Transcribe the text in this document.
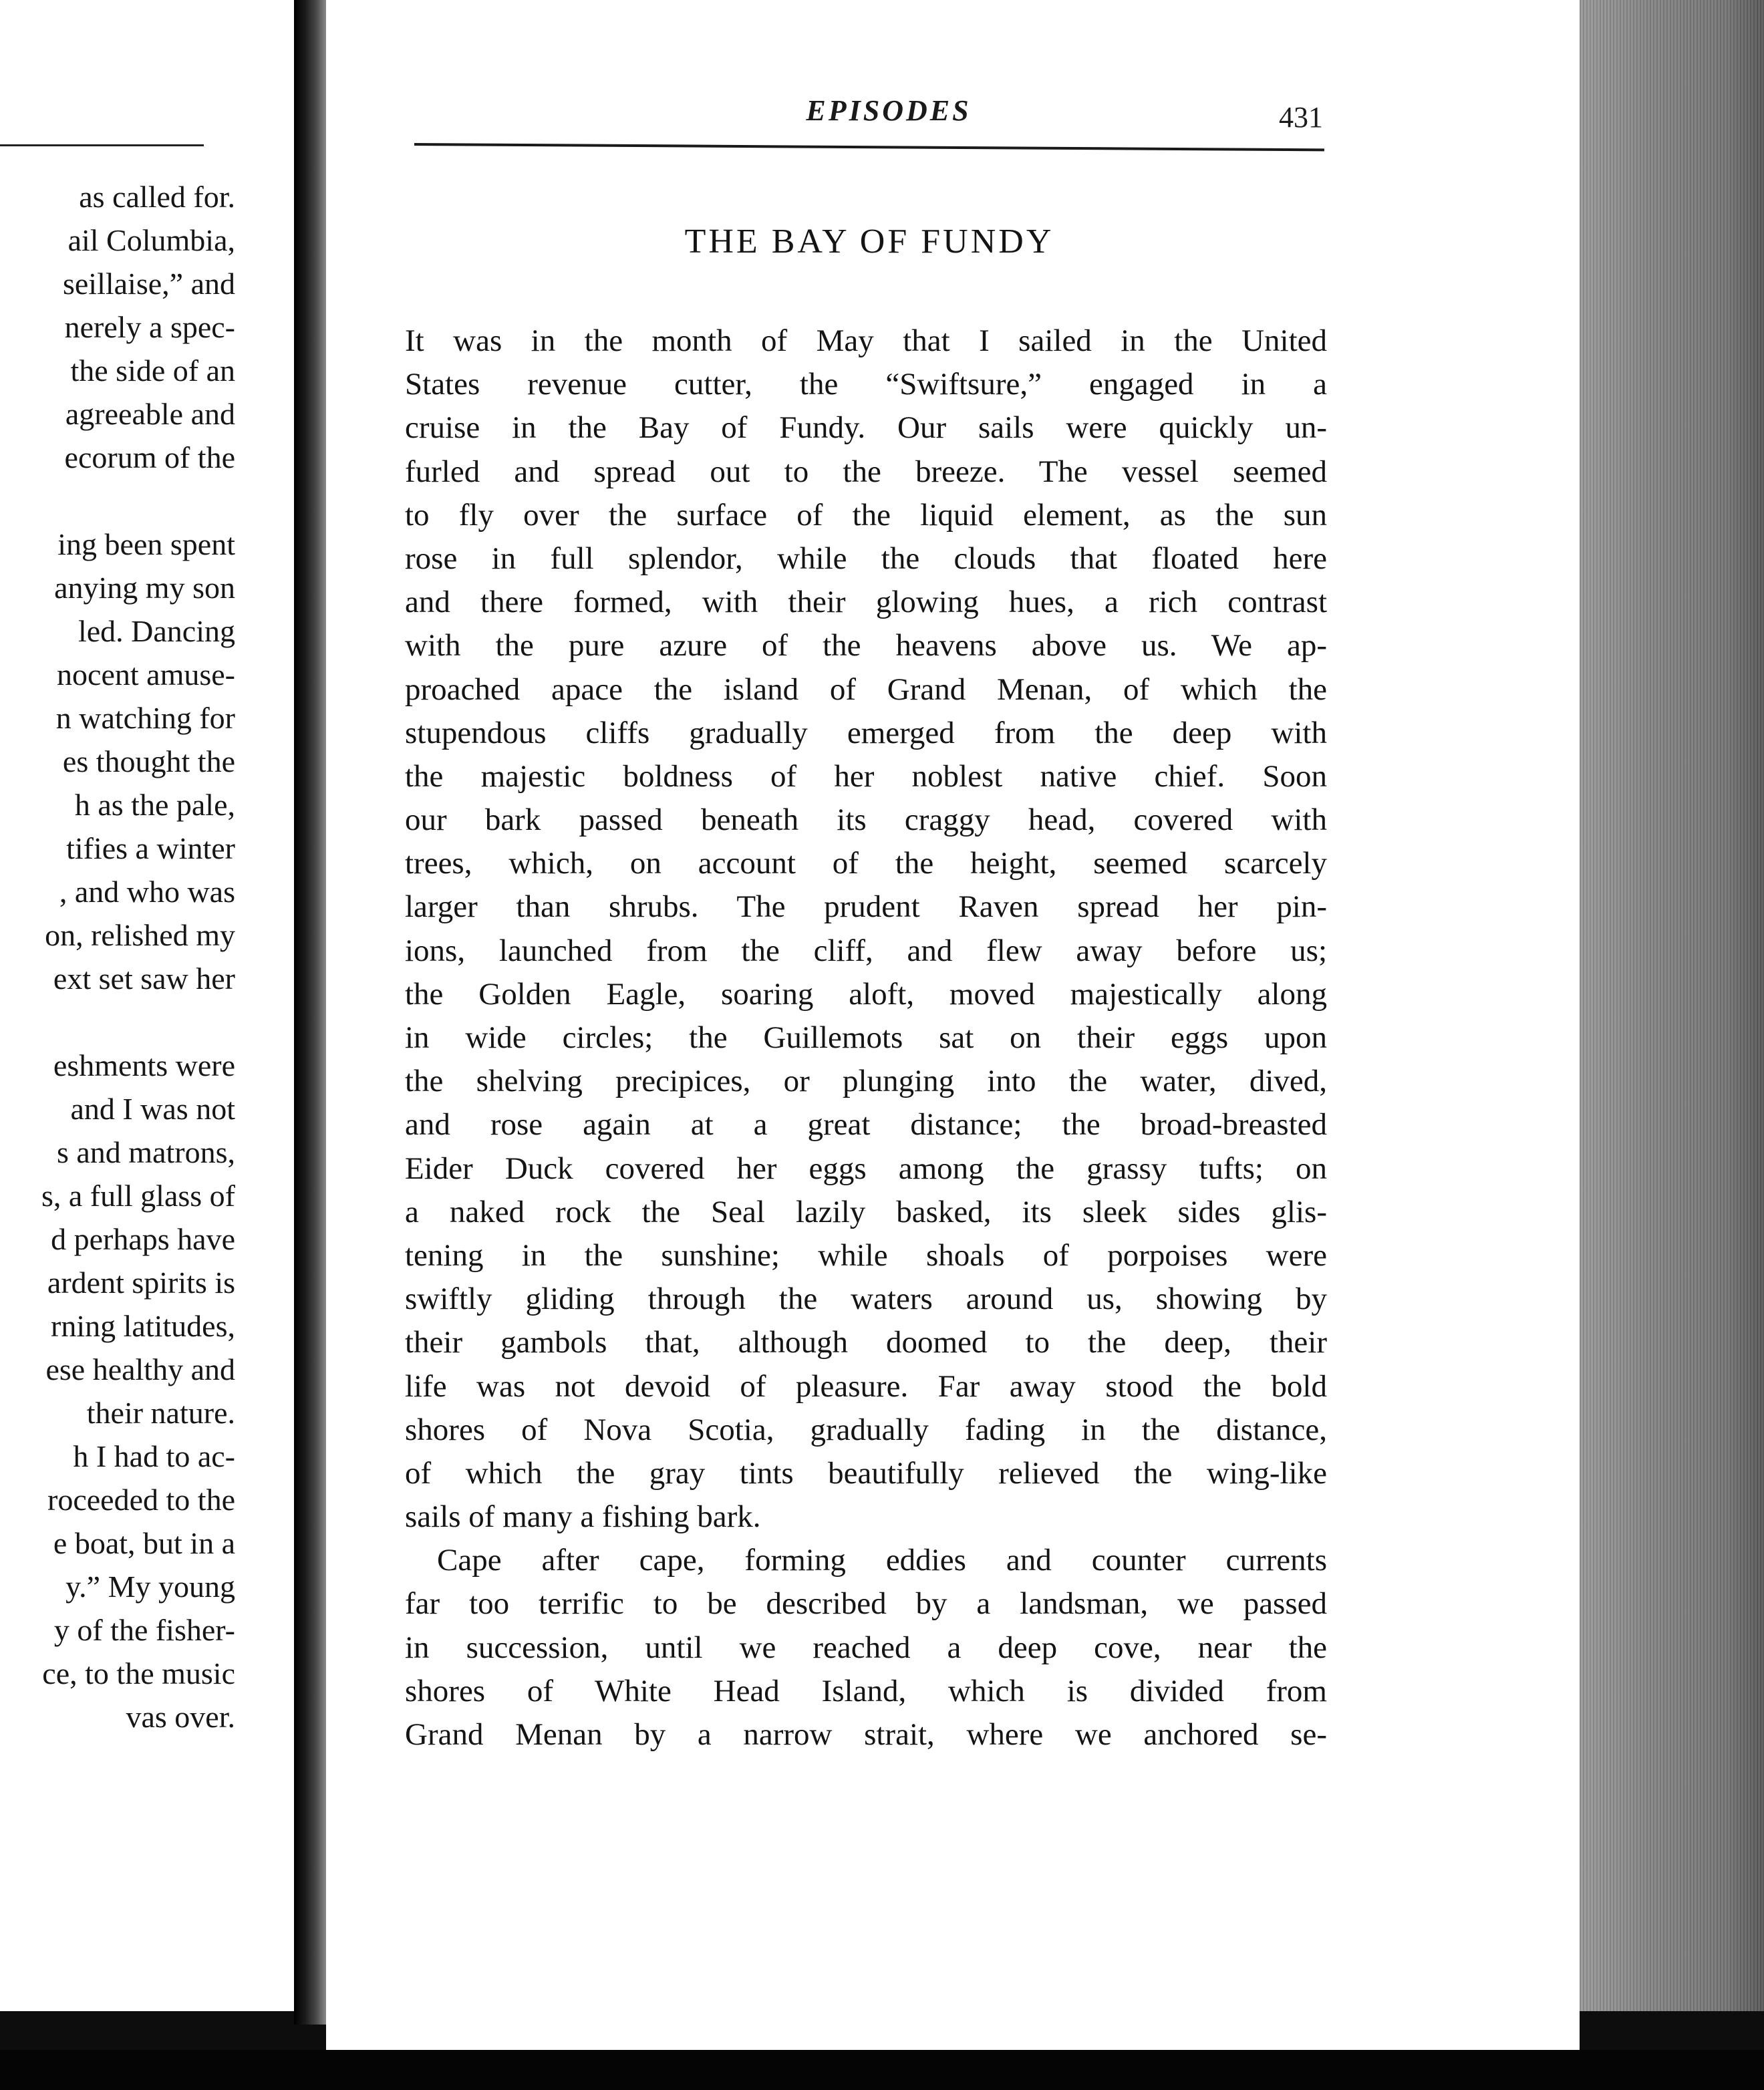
as called for.
ail Columbia,
seillaise,” and
nerely a spec-
the side of an
agreeable and
ecorum of the
ing been spent
anying my son
led. Dancing
nocent amuse-
n watching for
es thought the
h as the pale,
tifies a winter
, and who was
on, relished my
ext set saw her
eshments were
and I was not
s and matrons,
s, a full glass of
d perhaps have
ardent spirits is
rning latitudes,
ese healthy and
their nature.
h I had to ac-
roceeded to the
e boat, but in a
y.” My young
y of the fisher-
ce, to the music
vas over.
EPISODES	431
THE BAY OF FUNDY
It was in the month of May that I sailed in the United
States revenue cutter, the “Swiftsure,” engaged in a
cruise in the Bay of Fundy. Our sails were quickly un-
furled and spread out to the breeze. The vessel seemed
to fly over the surface of the liquid element, as the sun
rose in full splendor, while the clouds that floated here
and there formed, with their glowing hues, a rich contrast
with the pure azure of the heavens above us. We ap-
proached apace the island of Grand Menan, of which the
stupendous cliffs gradually emerged from the deep with
the majestic boldness of her noblest native chief. Soon
our bark passed beneath its craggy head, covered with
trees, which, on account of the height, seemed scarcely
larger than shrubs. The prudent Raven spread her pin-
ions, launched from the cliff, and flew away before us;
the Golden Eagle, soaring aloft, moved majestically along
in wide circles; the Guillemots sat on their eggs upon
the shelving precipices, or plunging into the water, dived,
and rose again at a great distance; the broad-breasted
Eider Duck covered her eggs among the grassy tufts; on
a naked rock the Seal lazily basked, its sleek sides glis-
tening in the sunshine; while shoals of porpoises were
swiftly gliding through the waters around us, showing by
their gambols that, although doomed to the deep, their
life was not devoid of pleasure. Far away stood the bold
shores of Nova Scotia, gradually fading in the distance,
of which the gray tints beautifully relieved the wing-like
sails of many a fishing bark.
Cape after cape, forming eddies and counter currents
far too terrific to be described by a landsman, we passed
in succession, until we reached a deep cove, near the
shores of White Head Island, which is divided from
Grand Menan by a narrow strait, where we anchored se-
